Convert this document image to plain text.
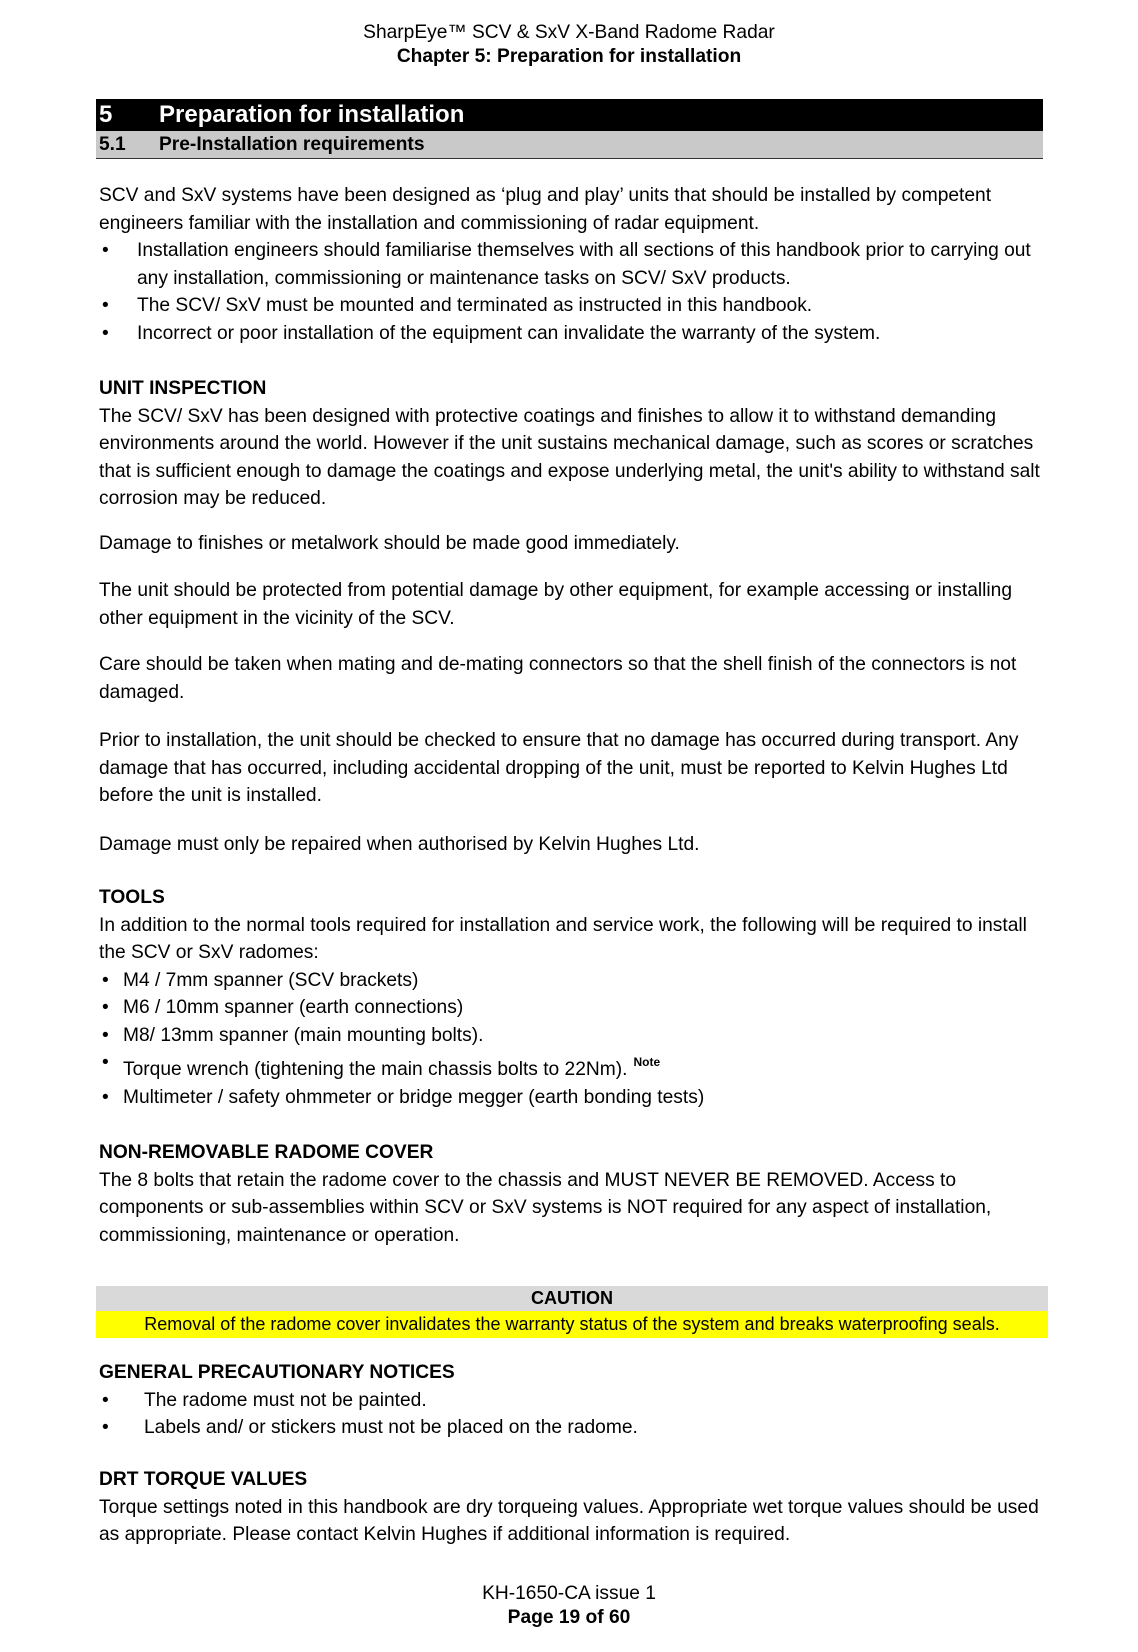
SharpEye™ SCV & SxV X-Band Radome Radar
Chapter 5: Preparation for installation
5 Preparation for installation
5.1 Pre-Installation requirements

SCV and SxV systems have been designed as ‘plug and play’ units that should be installed by competent engineers familiar with the installation and commissioning of radar equipment.

• Installation engineers should familiarise themselves with all sections of this handbook prior to carrying out any installation, commissioning or maintenance tasks on SCV/ SxV products.
• The SCV/ SxV must be mounted and terminated as instructed in this handbook.
• Incorrect or poor installation of the equipment can invalidate the warranty of the system.
UNIT INSPECTION

The SCV/ SxV has been designed with protective coatings and finishes to allow it to withstand demanding environments around the world. However if the unit sustains mechanical damage, such as scores or scratches that is sufficient enough to damage the coatings and expose underlying metal, the unit's ability to withstand salt corrosion may be reduced.

Damage to finishes or metalwork should be made good immediately.

The unit should be protected from potential damage by other equipment, for example accessing or installing other equipment in the vicinity of the SCV.

Care should be taken when mating and de-mating connectors so that the shell finish of the connectors is not damaged.

Prior to installation, the unit should be checked to ensure that no damage has occurred during transport. Any damage that has occurred, including accidental dropping of the unit, must be reported to Kelvin Hughes Ltd before the unit is installed.

Damage must only be repaired when authorised by Kelvin Hughes Ltd.

TOOLS

In addition to the normal tools required for installation and service work, the following will be required to install the SCV or SxV radomes:

• M4 / 7mm spanner (SCV brackets)
• M6 / 10mm spanner (earth connections)
• M8/ 13mm spanner (main mounting bolts).
• Torque wrench (tightening the main chassis bolts to 22Nm). $^{Note}$
• Multimeter / safety ohmmeter or bridge megger (earth bonding tests)
NON-REMOVABLE RADOME COVER

The 8 bolts that retain the radome cover to the chassis and MUST NEVER BE REMOVED. Access to components or sub-assemblies within SCV or SxV systems is NOT required for any aspect of installation, commissioning, maintenance or operation.

CAUTION
Removal of the radome cover invalidates the warranty status of the system and breaks waterproofing seals.
GENERAL PRECAUTIONARY NOTICES
• The radome must not be painted.
• Labels and/ or stickers must not be placed on the radome.
DRT TORQUE VALUES

Torque settings noted in this handbook are dry torqueing values. Appropriate wet torque values should be used as appropriate. Please contact Kelvin Hughes if additional information is required.

KH-1650-CA issue 1
Page 19 of 60
